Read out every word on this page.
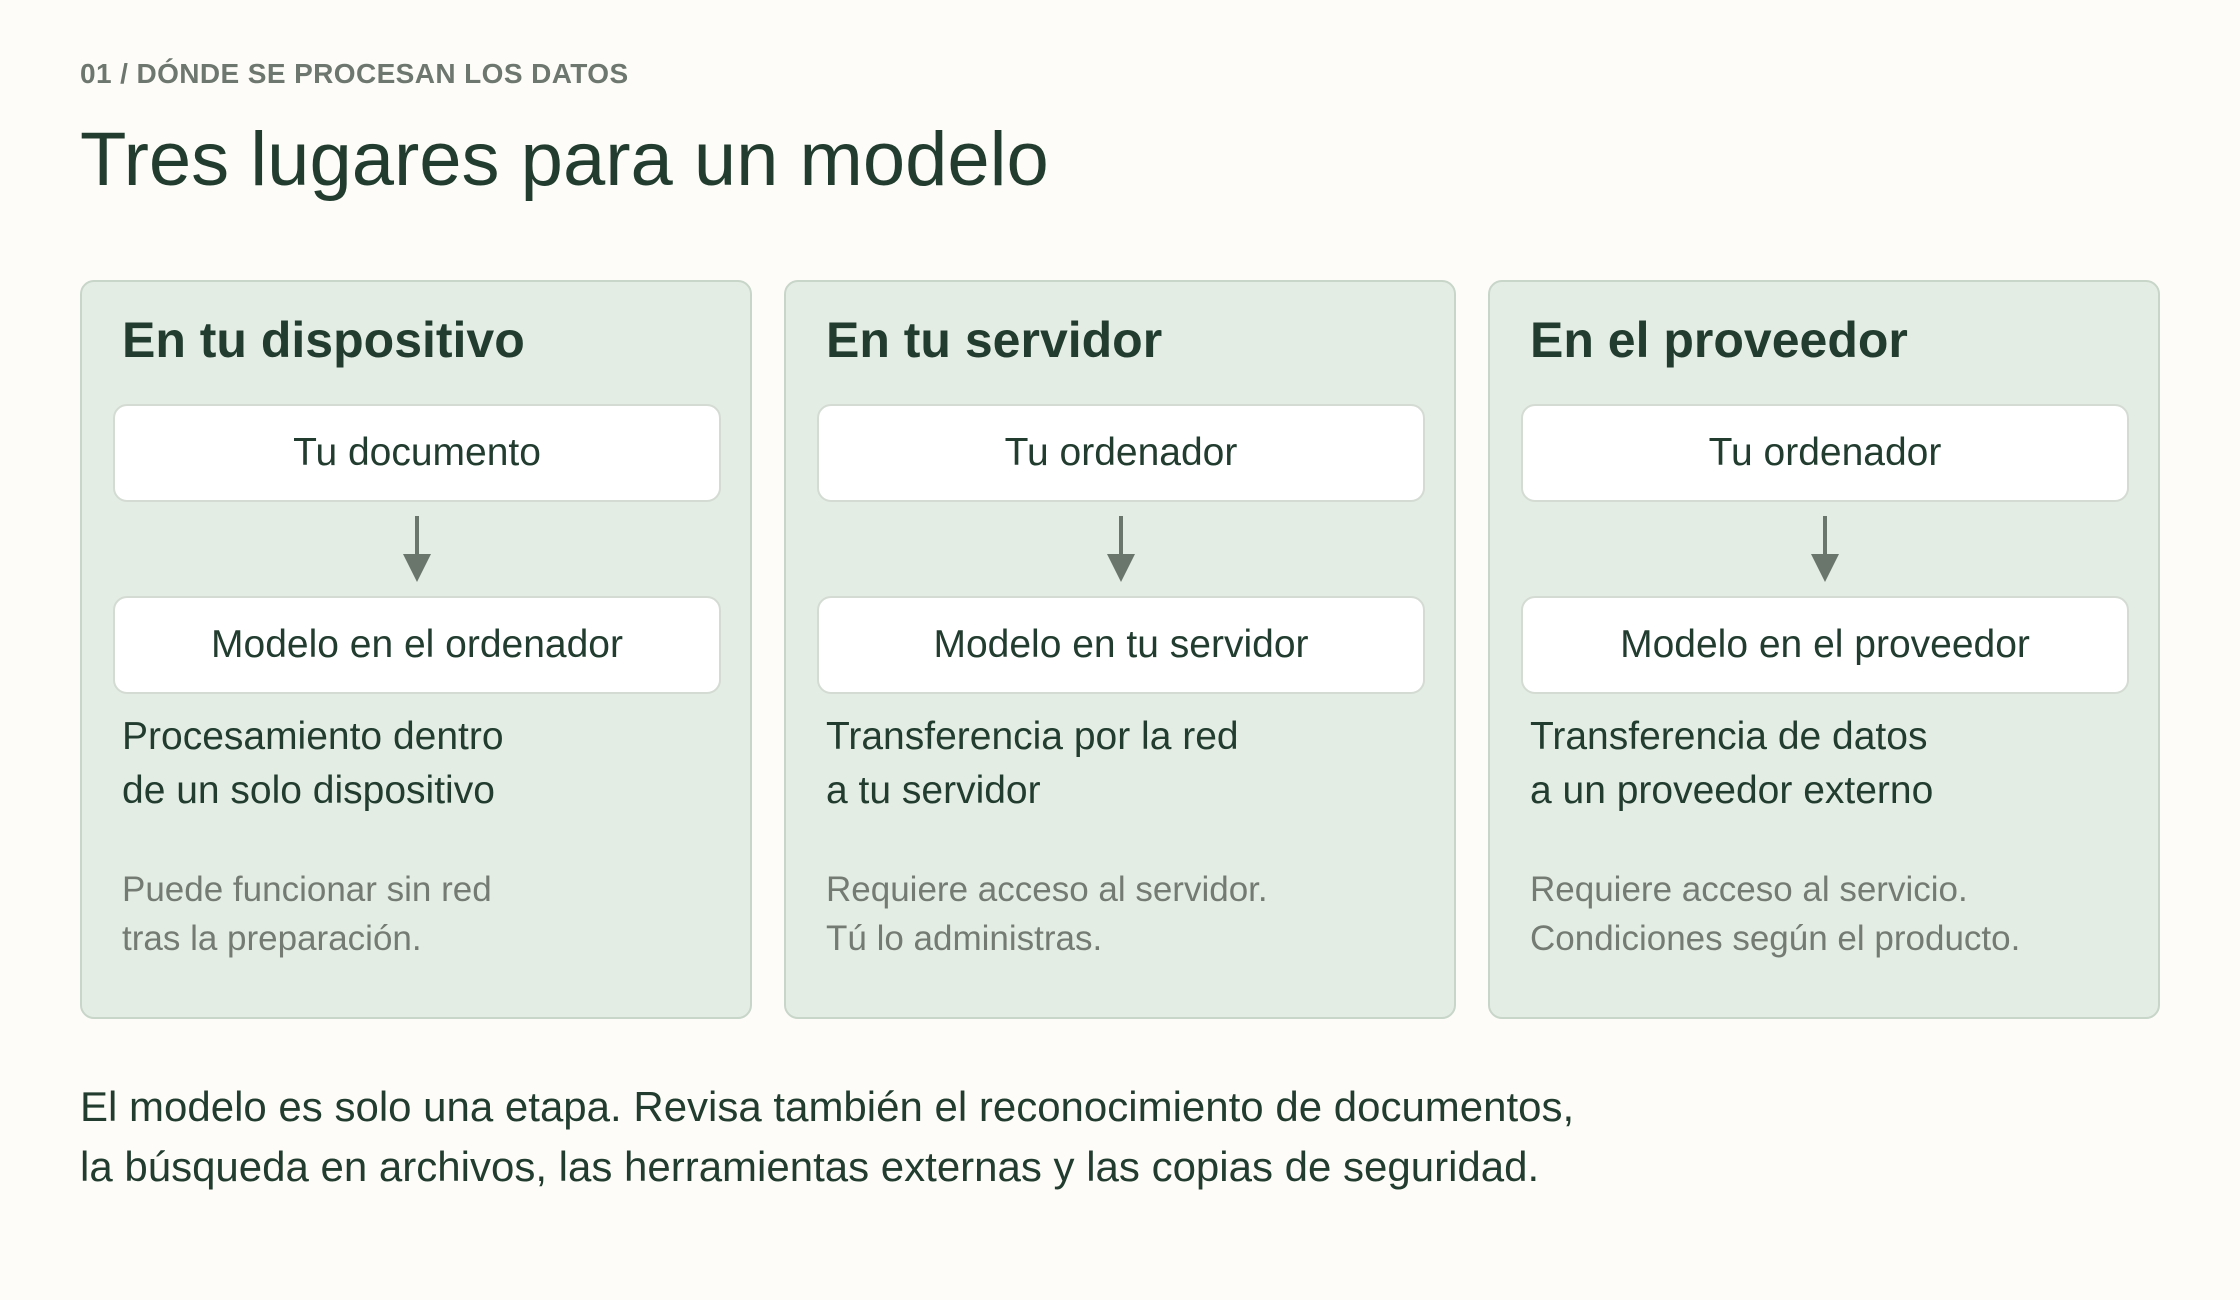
01 / DÓNDE SE PROCESAN LOS DATOS
Tres lugares para un modelo
En tu dispositivo
Tu documento
Modelo en el ordenador
Procesamiento dentro
de un solo dispositivo
Puede funcionar sin red
tras la preparación.
En tu servidor
Tu ordenador
Modelo en tu servidor
Transferencia por la red
a tu servidor
Requiere acceso al servidor.
Tú lo administras.
En el proveedor
Tu ordenador
Modelo en el proveedor
Transferencia de datos
a un proveedor externo
Requiere acceso al servicio.
Condiciones según el producto.
El modelo es solo una etapa. Revisa también el reconocimiento de documentos,
la búsqueda en archivos, las herramientas externas y las copias de seguridad.
